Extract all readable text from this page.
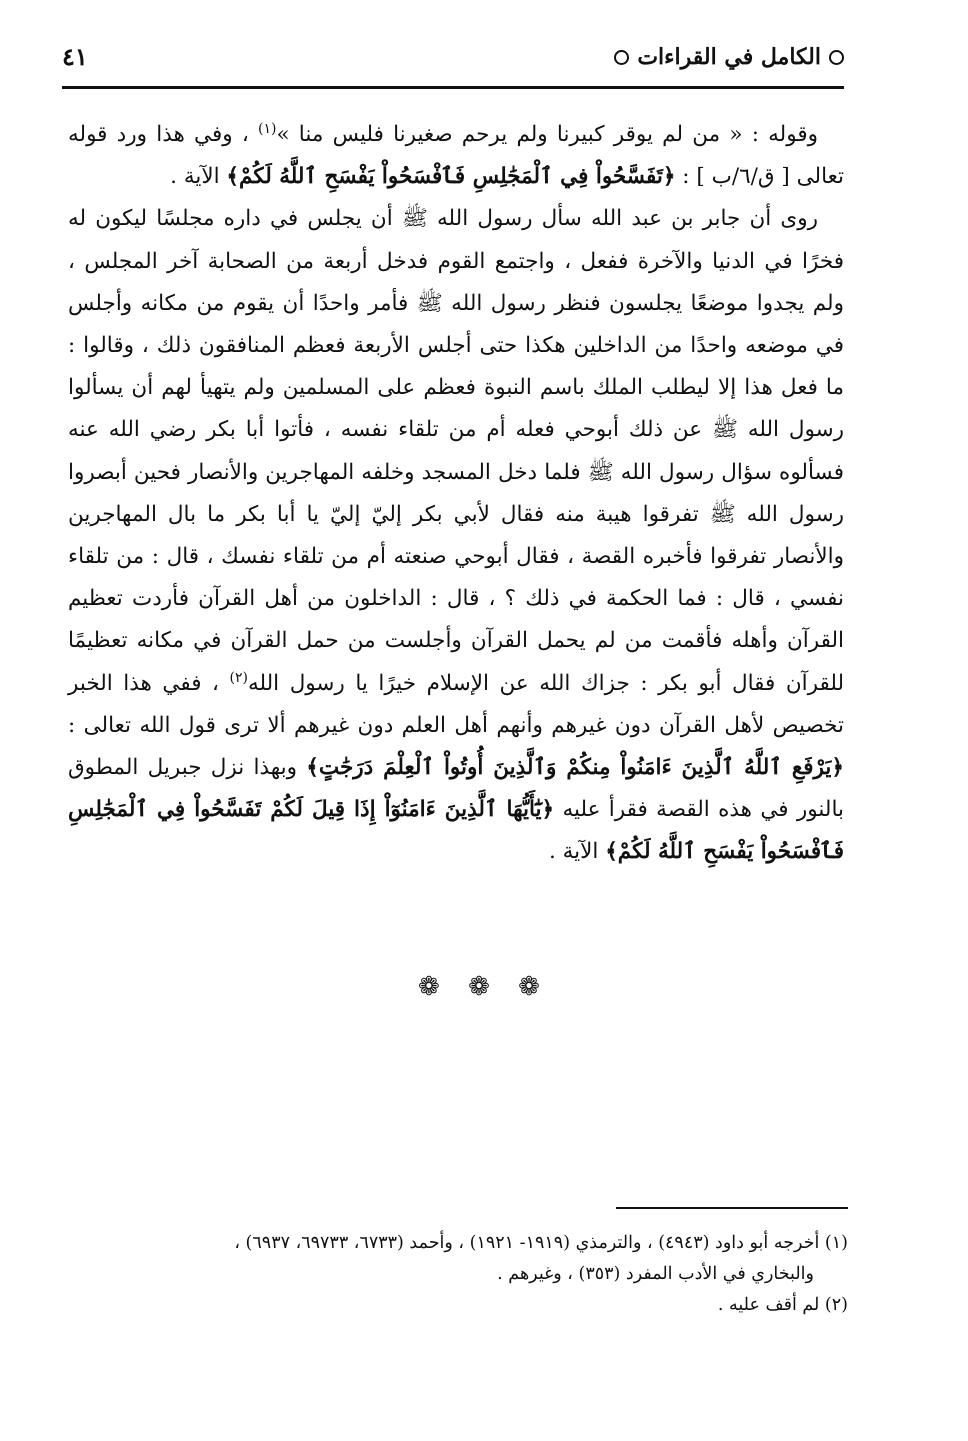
الكامل في القراءات
٤١

وقوله : « من لم يوقر كبيرنا ولم يرحم صغيرنا فليس منا »$^{(١)}$ ، وفي هذا ورد قوله تعالى [ ق/٦/ب ] : ﴿تَفَسَّحُواْ فِي ٱلْمَجَٰلِسِ فَٱفْسَحُواْ يَفْسَحِ ٱللَّهُ لَكُمْ﴾ الآية .

روى أن جابر بن عبد الله سأل رسول الله ﷺ أن يجلس في داره مجلسًا ليكون له فخرًا في الدنيا والآخرة ففعل ، واجتمع القوم فدخل أربعة من الصحابة آخر المجلس ، ولم يجدوا موضعًا يجلسون فنظر رسول الله ﷺ فأمر واحدًا أن يقوم من مكانه وأجلس في موضعه واحدًا من الداخلين هكذا حتى أجلس الأربعة فعظم المنافقون ذلك ، وقالوا : ما فعل هذا إلا ليطلب الملك باسم النبوة فعظم على المسلمين ولم يتهيأ لهم أن يسألوا رسول الله ﷺ عن ذلك أبوحي فعله أم من تلقاء نفسه ، فأتوا أبا بكر رضي الله عنه فسألوه سؤال رسول الله ﷺ فلما دخل المسجد وخلفه المهاجرين والأنصار فحين أبصروا رسول الله ﷺ تفرقوا هيبة منه فقال لأبي بكر إليّ إليّ يا أبا بكر ما بال المهاجرين والأنصار تفرقوا فأخبره القصة ، فقال أبوحي صنعته أم من تلقاء نفسك ، قال : من تلقاء نفسي ، قال : فما الحكمة في ذلك ؟ ، قال : الداخلون من أهل القرآن فأردت تعظيم القرآن وأهله فأقمت من لم يحمل القرآن وأجلست من حمل القرآن في مكانه تعظيمًا للقرآن فقال أبو بكر : جزاك الله عن الإسلام خيرًا يا رسول الله$^{(٢)}$ ، ففي هذا الخبر تخصيص لأهل القرآن دون غيرهم وأنهم أهل العلم دون غيرهم ألا ترى قول الله تعالى : ﴿يَرْفَعِ ٱللَّهُ ٱلَّذِينَ ءَامَنُواْ مِنكُمْ وَٱلَّذِينَ أُوتُواْ ٱلْعِلْمَ دَرَجَٰتٍ﴾ وبهذا نزل جبريل المطوق بالنور في هذه القصة فقرأ عليه ﴿يَٰٓأَيُّهَا ٱلَّذِينَ ءَامَنُوٓاْ إِذَا قِيلَ لَكُمْ تَفَسَّحُواْ فِي ٱلْمَجَٰلِسِ فَٱفْسَحُواْ يَفْسَحِ ٱللَّهُ لَكُمْ﴾ الآية .

❁ ❁ ❁

(١) أخرجه أبو داود (٤٩٤٣) ، والترمذي (١٩١٩- ١٩٢١) ، وأحمد (٦٧٣٣، ٦٩٧٣٣، ٦٩٣٧) ،

والبخاري في الأدب المفرد (٣٥٣) ، وغيرهم .

(٢) لم أقف عليه .
